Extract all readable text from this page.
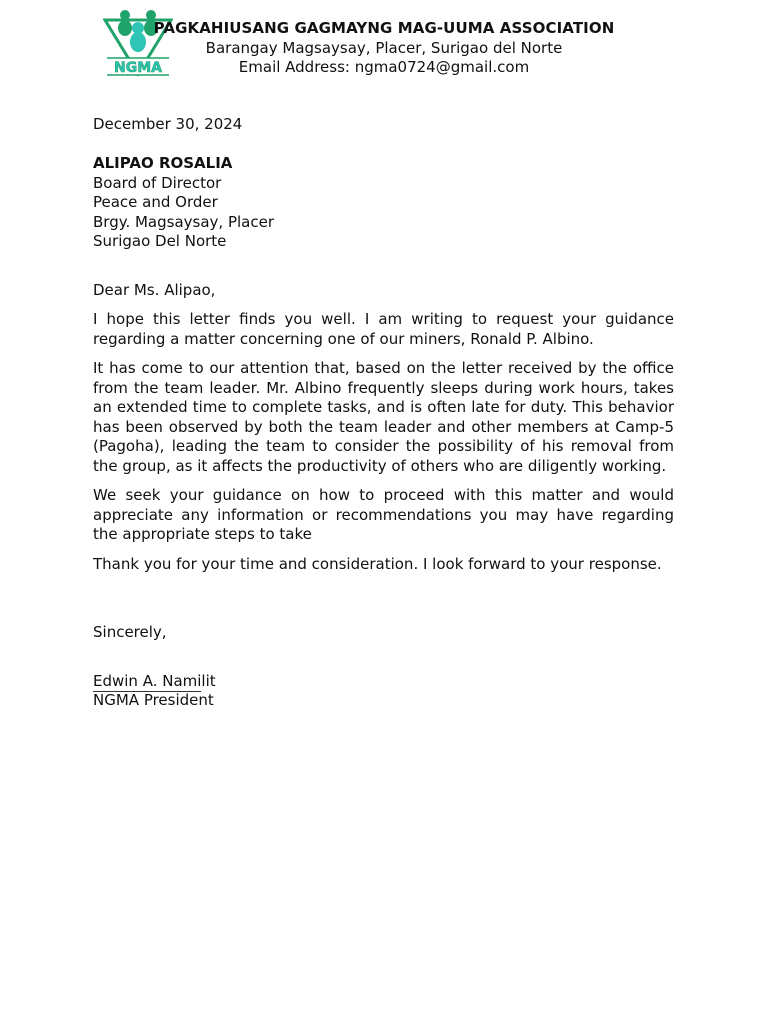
NGMA
PAGKAHIUSANG GAGMAYNG MAG-UUMA ASSOCIATION
Barangay Magsaysay, Placer, Surigao del Norte
Email Address: ngma0724@gmail.com

December 30, 2024

ALIPAO ROSALIA

Board of Director

Peace and Order

Brgy. Magsaysay, Placer

Surigao Del Norte

Dear Ms. Alipao,

I hope this letter finds you well. I am writing to request your guidance regarding a matter concerning one of our miners, Ronald P. Albino.

It has come to our attention that, based on the letter received by the office from the team leader. Mr. Albino frequently sleeps during work hours, takes an extended time to complete tasks, and is often late for duty. This behavior has been observed by both the team leader and other members at Camp-5 (Pagoha), leading the team to consider the possibility of his removal from the group, as it affects the productivity of others who are diligently working.

We seek your guidance on how to proceed with this matter and would appreciate any information or recommendations you may have regarding the appropriate steps to take

Thank you for your time and consideration. I look forward to your response.

Sincerely,

Edwin A. Namilit

NGMA President
